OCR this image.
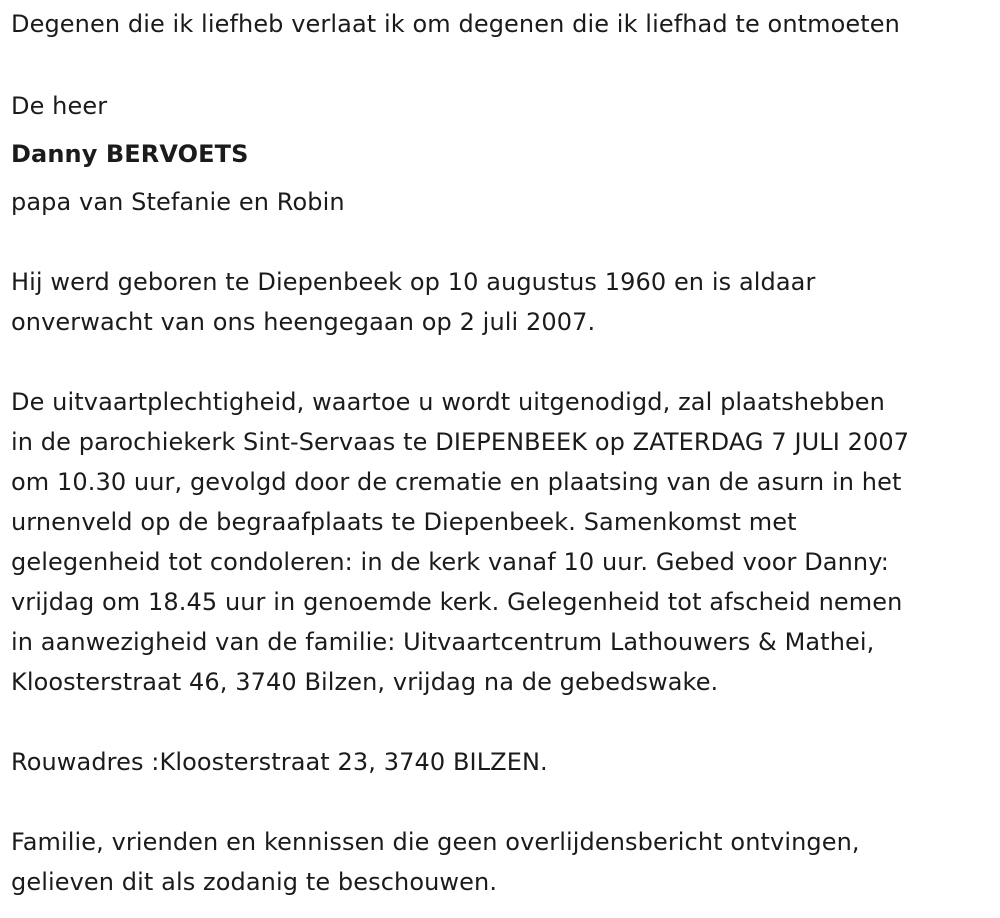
Degenen die ik liefheb verlaat ik om degenen die ik liefhad te ontmoeten
De heer
Danny BERVOETS
papa van Stefanie en Robin
Hij werd geboren te Diepenbeek op 10 augustus 1960 en is aldaar
onverwacht van ons heengegaan op 2 juli 2007.
De uitvaartplechtigheid, waartoe u wordt uitgenodigd, zal plaatshebben
in de parochiekerk Sint-Servaas te DIEPENBEEK op ZATERDAG 7 JULI 2007
om 10.30 uur, gevolgd door de crematie en plaatsing van de asurn in het
urnenveld op de begraafplaats te Diepenbeek. Samenkomst met
gelegenheid tot condoleren: in de kerk vanaf 10 uur. Gebed voor Danny:
vrijdag om 18.45 uur in genoemde kerk. Gelegenheid tot afscheid nemen
in aanwezigheid van de familie: Uitvaartcentrum Lathouwers & Mathei,
Kloosterstraat 46, 3740 Bilzen, vrijdag na de gebedswake.
Rouwadres :Kloosterstraat 23, 3740 BILZEN.
Familie, vrienden en kennissen die geen overlijdensbericht ontvingen,
gelieven dit als zodanig te beschouwen.
